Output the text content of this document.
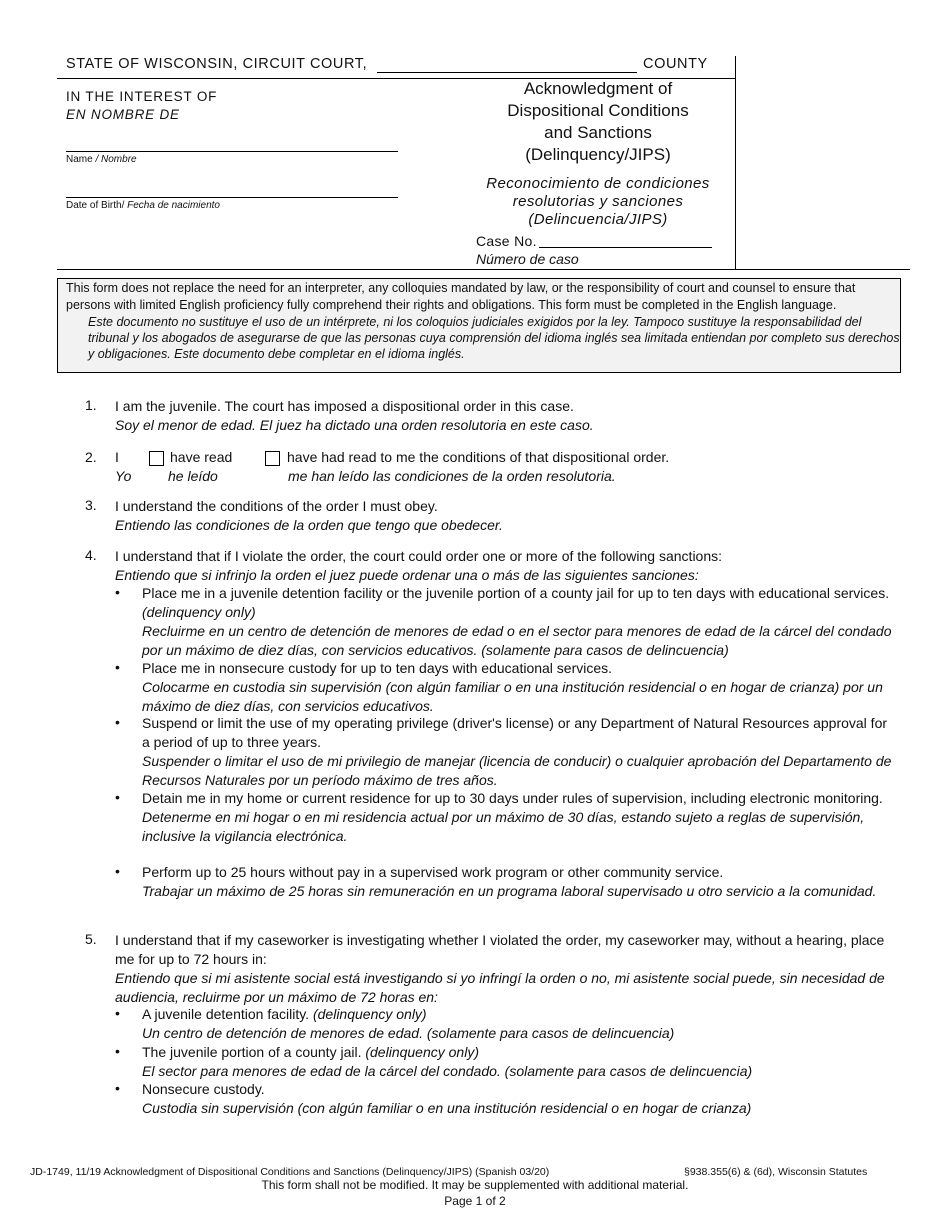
STATE OF WISCONSIN, CIRCUIT COURT,	COUNTY
IN THE INTEREST OF
EN NOMBRE DE
Name / Nombre
Date of Birth/ Fecha de nacimiento
Acknowledgment of
Dispositional Conditions
and Sanctions
(Delinquency/JIPS)
Reconocimiento de condiciones
resolutorias y sanciones
(Delincuencia/JIPS)
Case No.
Número de caso
This form does not replace the need for an interpreter, any colloquies mandated by law, or the responsibility of court and counsel to ensure that persons with limited English proficiency fully comprehend their rights and obligations. This form must be completed in the English language.
Este documento no sustituye el uso de un intérprete, ni los coloquios judiciales exigidos por la ley. Tampoco sustituye la responsabilidad del tribunal y los abogados de asegurarse de que las personas cuya comprensión del idioma inglés sea limitada entiendan por completo sus derechos y obligaciones. Este documento debe completar en el idioma inglés.
1. I am the juvenile. The court has imposed a dispositional order in this case.
Soy el menor de edad. El juez ha dictado una orden resolutoria en este caso.
2. I	have read	have had read to me the conditions of that dispositional order.
Yo	he leído	me han leído las condiciones de la orden resolutoria.
3. I understand the conditions of the order I must obey.
Entiendo las condiciones de la orden que tengo que obedecer.
4. I understand that if I violate the order, the court could order one or more of the following sanctions:
Entiendo que si infrinjo la orden el juez puede ordenar una o más de las siguientes sanciones:
• Place me in a juvenile detention facility or the juvenile portion of a county jail for up to ten days with educational services. (delinquency only)
Recluirme en un centro de detención de menores de edad o en el sector para menores de edad de la cárcel del condado por un máximo de diez días, con servicios educativos. (solamente para casos de delincuencia)
• Place me in nonsecure custody for up to ten days with educational services.
Colocarme en custodia sin supervisión (con algún familiar o en una institución residencial o en hogar de crianza) por un máximo de diez días, con servicios educativos.
• Suspend or limit the use of my operating privilege (driver's license) or any Department of Natural Resources approval for a period of up to three years.
Suspender o limitar el uso de mi privilegio de manejar (licencia de conducir) o cualquier aprobación del Departamento de Recursos Naturales por un período máximo de tres años.
• Detain me in my home or current residence for up to 30 days under rules of supervision, including electronic monitoring.
Detenerme en mi hogar o en mi residencia actual por un máximo de 30 días, estando sujeto a reglas de supervisión, inclusive la vigilancia electrónica.
• Perform up to 25 hours without pay in a supervised work program or other community service.
Trabajar un máximo de 25 horas sin remuneración en un programa laboral supervisado u otro servicio a la comunidad.
5. I understand that if my caseworker is investigating whether I violated the order, my caseworker may, without a hearing, place me for up to 72 hours in:
Entiendo que si mi asistente social está investigando si yo infringí la orden o no, mi asistente social puede, sin necesidad de audiencia, recluirme por un máximo de 72 horas en:
• A juvenile detention facility. (delinquency only)
Un centro de detención de menores de edad. (solamente para casos de delincuencia)
• The juvenile portion of a county jail. (delinquency only)
El sector para menores de edad de la cárcel del condado. (solamente para casos de delincuencia)
• Nonsecure custody.
Custodia sin supervisión (con algún familiar o en una institución residencial o en hogar de crianza)
JD-1749, 11/19 Acknowledgment of Dispositional Conditions and Sanctions (Delinquency/JIPS) (Spanish 03/20)	§938.355(6) & (6d), Wisconsin Statutes
This form shall not be modified. It may be supplemented with additional material.
Page 1 of 2
